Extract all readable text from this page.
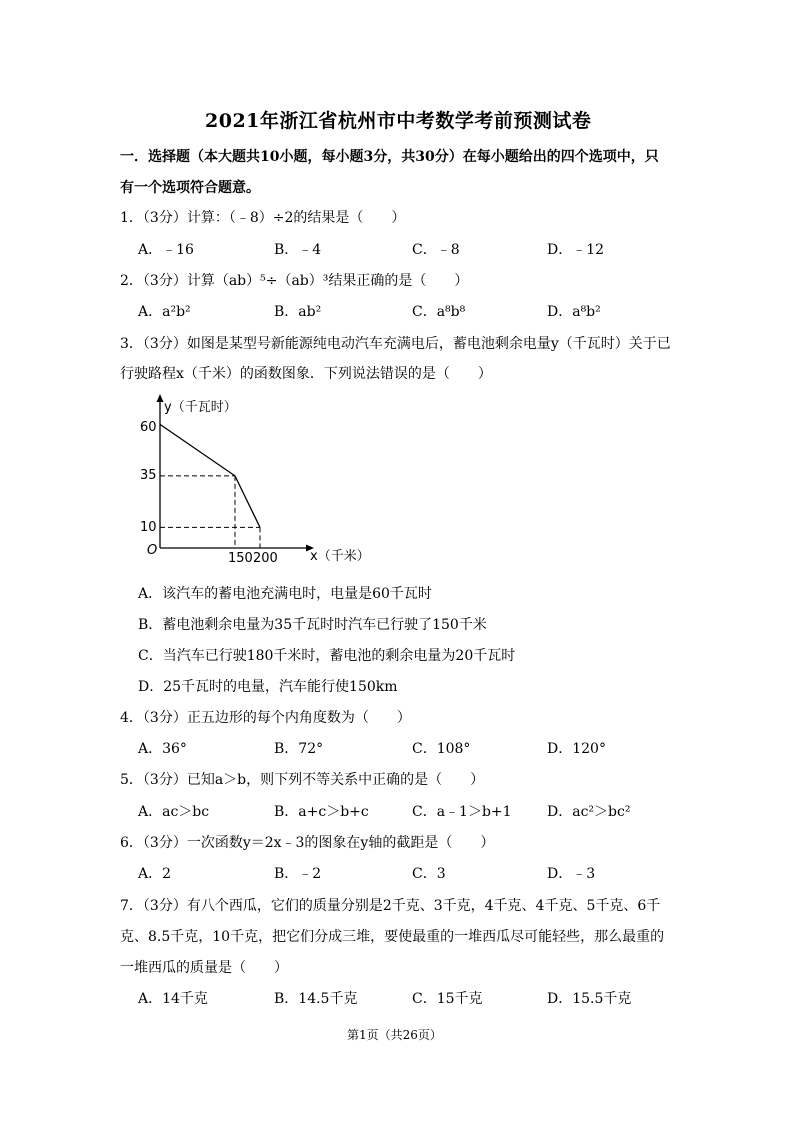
2021年浙江省杭州市中考数学考前预测试卷
一．选择题（本大题共10小题，每小题3分，共30分）在每小题给出的四个选项中，只
有一个选项符合题意。
1．（3分）计算：（﹣8）÷2的结果是（　　）
A．﹣16	B．﹣4	C．﹣8	D．﹣12
2．（3分）计算（ab）⁵÷（ab）³结果正确的是（　　）
A．a²b²	B．ab²	C．a⁸b⁸	D．a⁸b²
3．（3分）如图是某型号新能源纯电动汽车充满电后，蓄电池剩余电量y（千瓦时）关于已
行驶路程x（千米）的函数图象．下列说法错误的是（　　）
y（千瓦时）
x（千米）
O
60
35
10
150 200
A．该汽车的蓄电池充满电时，电量是60千瓦时
B．蓄电池剩余电量为35千瓦时时汽车已行驶了150千米
C．当汽车已行驶180千米时，蓄电池的剩余电量为20千瓦时
D．25千瓦时的电量，汽车能行使150km
4．（3分）正五边形的每个内角度数为（　　）
A．36°	B．72°	C．108°	D．120°
5．（3分）已知a＞b，则下列不等关系中正确的是（　　）
A．ac＞bc	B．a+c＞b+c	C．a﹣1＞b+1	D．ac²＞bc²
6．（3分）一次函数y＝2x﹣3的图象在y轴的截距是（　　）
A．2	B．﹣2	C．3	D．﹣3
7．（3分）有八个西瓜，它们的质量分别是2千克、3千克，4千克、4千克、5千克、6千
克、8.5千克，10千克，把它们分成三堆，要使最重的一堆西瓜尽可能轻些，那么最重的
一堆西瓜的质量是（　　）
A．14千克	B．14.5千克	C．15千克	D．15.5千克
第1页（共26页）
